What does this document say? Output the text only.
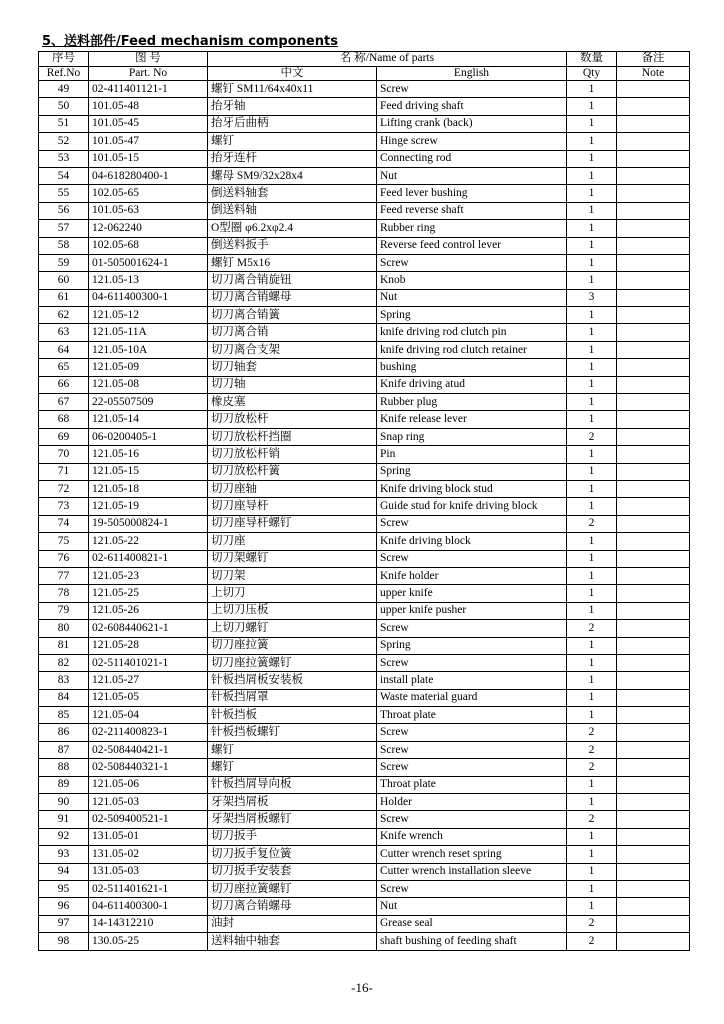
5、送料部件/Feed mechanism components
序号	图 号	名 称/Name of parts		数量	备注
Ref.No	Part. No	中文	English	Qty	Note
49	02-411401121-1	螺钉 SM11/64x40x11	Screw	1	
50	101.05-48	抬牙轴	Feed driving shaft	1	
51	101.05-45	抬牙后曲柄	Lifting crank (back)	1	
52	101.05-47	螺钉	Hinge screw	1	
53	101.05-15	抬牙连杆	Connecting rod	1	
54	04-618280400-1	螺母 SM9/32x28x4	Nut	1	
55	102.05-65	倒送料轴套	Feed lever bushing	1	
56	101.05-63	倒送料轴	Feed reverse shaft	1	
57	12-062240	O型圈 φ6.2xφ2.4	Rubber ring	1	
58	102.05-68	倒送料扳手	Reverse feed control lever	1	
59	01-505001624-1	螺钉 M5x16	Screw	1	
60	121.05-13	切刀离合销旋钮	Knob	1	
61	04-611400300-1	切刀离合销螺母	Nut	3	
62	121.05-12	切刀离合销簧	Spring	1	
63	121.05-11A	切刀离合销	knife driving rod clutch pin	1	
64	121.05-10A	切刀离合支架	knife driving rod clutch retainer	1	
65	121.05-09	切刀轴套	bushing	1	
66	121.05-08	切刀轴	Knife driving atud	1	
67	22-05507509	橡皮塞	Rubber plug	1	
68	121.05-14	切刀放松杆	Knife release lever	1	
69	06-0200405-1	切刀放松杆挡圈	Snap ring	2	
70	121.05-16	切刀放松杆销	Pin	1	
71	121.05-15	切刀放松杆簧	Spring	1	
72	121.05-18	切刀座轴	Knife driving block stud	1	
73	121.05-19	切刀座导杆	Guide stud for knife driving block	1	
74	19-505000824-1	切刀座导杆螺钉	Screw	2	
75	121.05-22	切刀座	Knife driving block	1	
76	02-611400821-1	切刀架螺钉	Screw	1	
77	121.05-23	切刀架	Knife holder	1	
78	121.05-25	上切刀	upper knife	1	
79	121.05-26	上切刀压板	upper knife pusher	1	
80	02-608440621-1	上切刀螺钉	Screw	2	
81	121.05-28	切刀座拉簧	Spring	1	
82	02-511401021-1	切刀座拉簧螺钉	Screw	1	
83	121.05-27	针板挡屑板安装板	install plate	1	
84	121.05-05	针板挡屑罩	Waste material guard	1	
85	121.05-04	针板挡板	Throat plate	1	
86	02-211400823-1	针板挡板螺钉	Screw	2	
87	02-508440421-1	螺钉	Screw	2	
88	02-508440321-1	螺钉	Screw	2	
89	121.05-06	针板挡屑导向板	Throat plate	1	
90	121.05-03	牙架挡屑板	Holder	1	
91	02-509400521-1	牙架挡屑板螺钉	Screw	2	
92	131.05-01	切刀扳手	Knife wrench	1	
93	131.05-02	切刀扳手复位簧	Cutter wrench reset spring	1	
94	131.05-03	切刀扳手安装套	Cutter wrench installation sleeve	1	
95	02-511401621-1	切刀座拉簧螺钉	Screw	1	
96	04-611400300-1	切刀离合销螺母	Nut	1	
97	14-14312210	油封	Grease seal	2	
98	130.05-25	送料轴中轴套	shaft bushing of feeding shaft	2	
-16-
